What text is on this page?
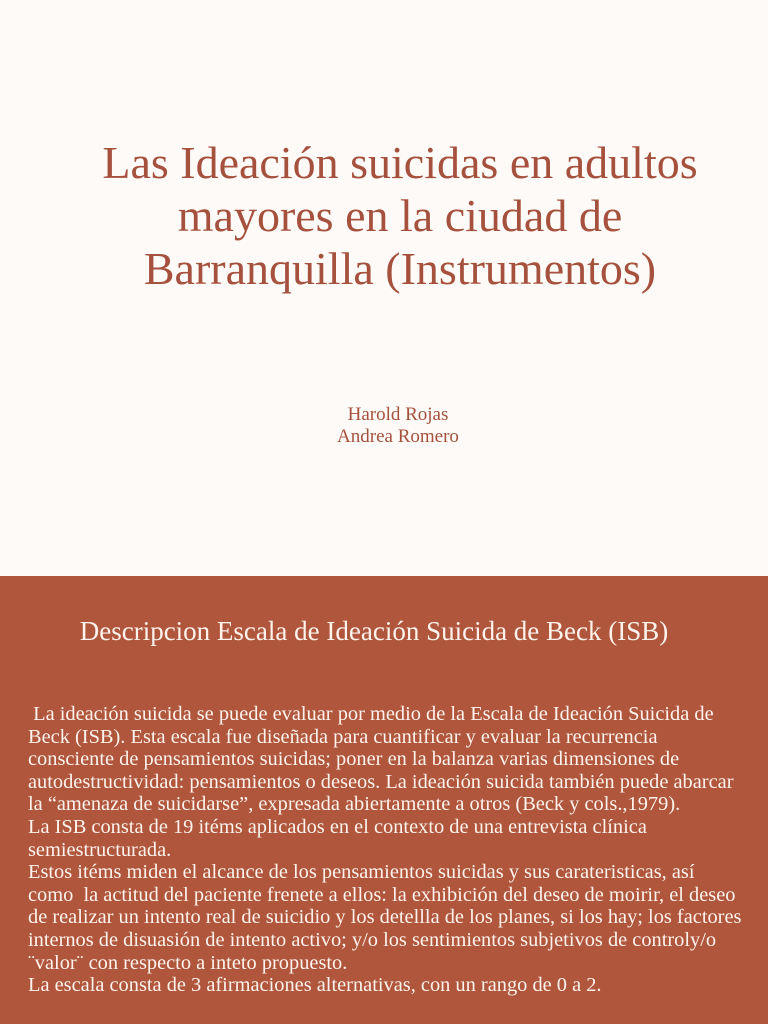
Las Ideación suicidas en adultos mayores en la ciudad de Barranquilla (Instrumentos)
Harold Rojas
Andrea Romero
Descripcion Escala de Ideación Suicida de Beck (ISB)

La ideación suicida se puede evaluar por medio de la Escala de Ideación Suicida de Beck (ISB). Esta escala fue diseñada para cuantificar y evaluar la recurrencia consciente de pensamientos suicidas; poner en la balanza varias dimensiones de autodestructividad: pensamientos o deseos. La ideación suicida también puede abarcar la “amenaza de suicidarse”, expresada abiertamente a otros (Beck y cols.,1979).

La ISB consta de 19 itéms aplicados en el contexto de una entrevista clínica semiestructurada.

Estos itéms miden el alcance de los pensamientos suicidas y sus carateristicas, así como  la actitud del paciente frenete a ellos: la exhibición del deseo de moirir, el deseo de realizar un intento real de suicidio y los detellla de los planes, si los hay; los factores internos de disuasión de intento activo; y/o los sentimientos subjetivos de controly/o ¨valor¨ con respecto a inteto propuesto.

La escala consta de 3 afirmaciones alternativas, con un rango de 0 a 2.
